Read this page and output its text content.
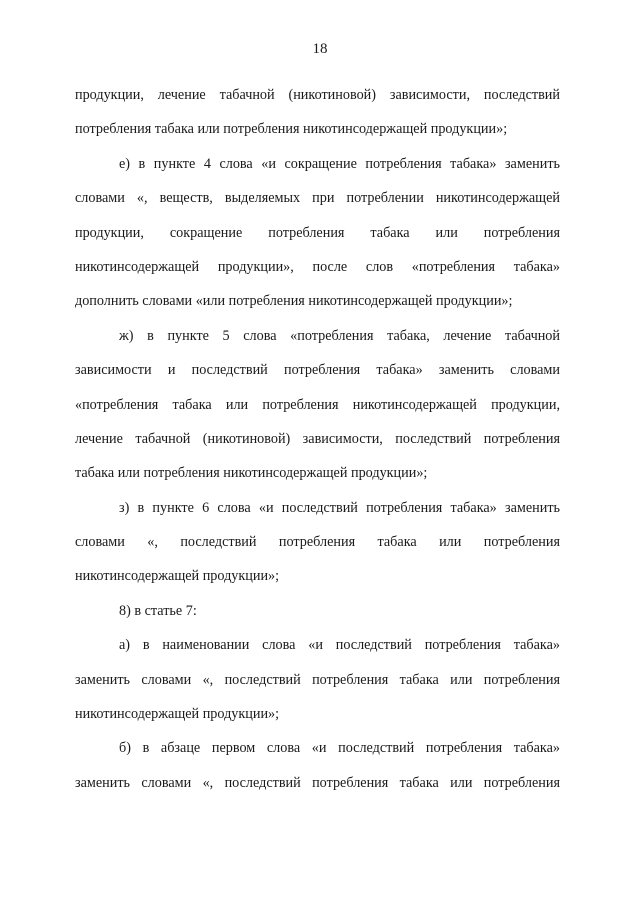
18
продукции, лечение табачной (никотиновой) зависимости, последствий
потребления табака или потребления никотинсодержащей продукции»;
е) в пункте 4 слова «и сокращение потребления табака» заменить
словами «, веществ, выделяемых при потреблении никотинсодержащей
продукции, сокращение потребления табака или потребления
никотинсодержащей продукции», после слов «потребления табака»
дополнить словами «или потребления никотинсодержащей продукции»;
ж) в пункте 5 слова «потребления табака, лечение табачной
зависимости и последствий потребления табака» заменить словами
«потребления табака или потребления никотинсодержащей продукции,
лечение табачной (никотиновой) зависимости, последствий потребления
табака или потребления никотинсодержащей продукции»;
з) в пункте 6 слова «и последствий потребления табака» заменить
словами «, последствий потребления табака или потребления
никотинсодержащей продукции»;
8) в статье 7:
а) в наименовании слова «и последствий потребления табака»
заменить словами «, последствий потребления табака или потребления
никотинсодержащей продукции»;
б) в абзаце первом слова «и последствий потребления табака»
заменить словами «, последствий потребления табака или потребления
